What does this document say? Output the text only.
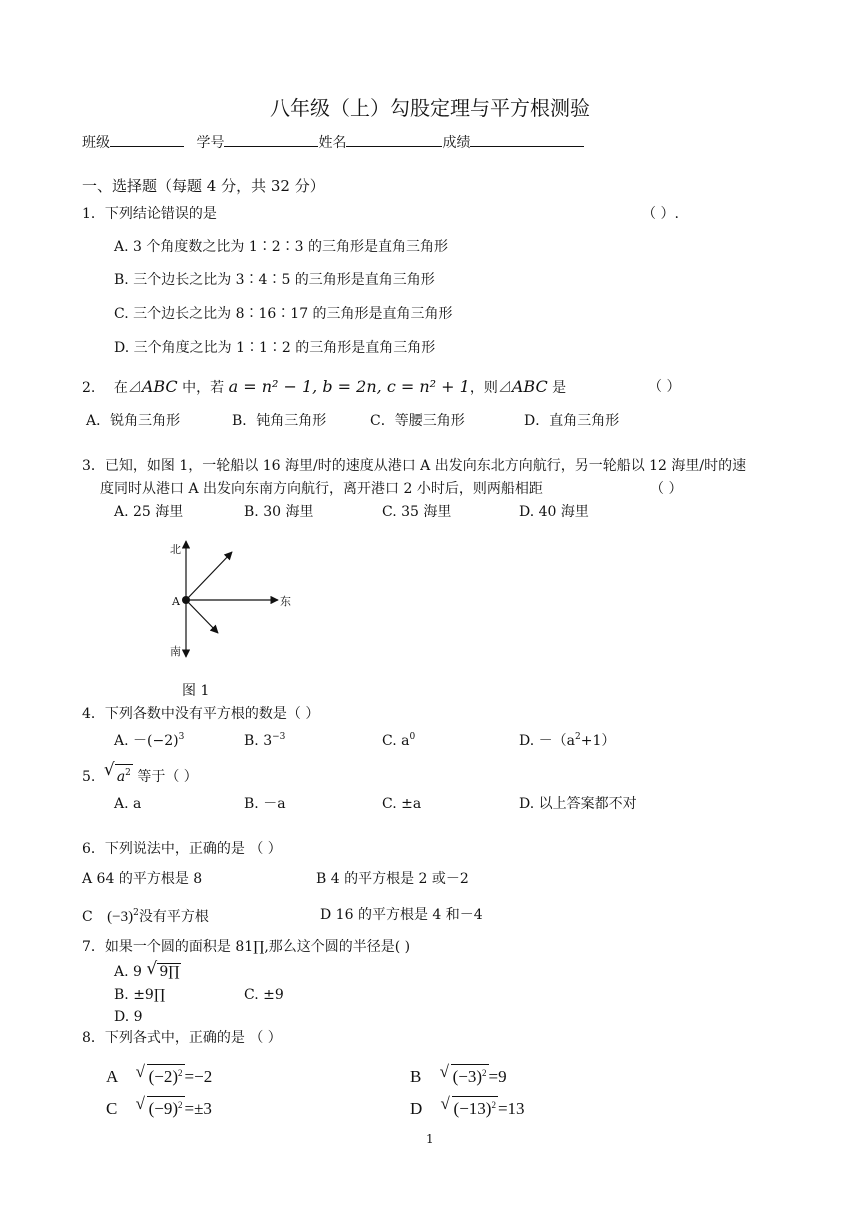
八年级（上）勾股定理与平方根测验
班级	学号	姓名	成绩
一、选择题（每题 4 分，共 32 分）
1．下列结论错误的是	（ ）.
A. 3 个角度数之比为 1∶2∶3 的三角形是直角三角形
B. 三个边长之比为 3∶4∶5 的三角形是直角三角形
C. 三个边长之比为 8∶16∶17 的三角形是直角三角形
D. 三个角度之比为 1∶1∶2 的三角形是直角三角形
2. 在⊿ABC 中，若 a = n² − 1, b = 2n, c = n² + 1，则⊿ABC 是	（ ）
A．锐角三角形	B．钝角三角形	C．等腰三角形	D．直角三角形
3．已知，如图 1，一轮船以 16 海里/时的速度从港口 A 出发向东北方向航行，另一轮船以 12 海里/时的速
度同时从港口 A 出发向东南方向航行，离开港口 2 小时后，则两船相距	（ ）
A. 25 海里	B. 30 海里	C. 35 海里	D. 40 海里
北
A	东
南
图 1
4．下列各数中没有平方根的数是（ ）
A. $-(-2)^3$	B. $3^{-3}$	C. $a^0$	D. $-(a^2+1)$
5. √ $a^2$ 等于（ ）
A. a	B. －a	C. ±a	D. 以上答案都不对
6．下列说法中，正确的是 （ ）
A 64 的平方根是 8	B 4 的平方根是 2 或－2
C $(-3)^2$没有平方根	D 16 的平方根是 4 和－4
7．如果一个圆的面积是 81∏,那么这个圆的半径是( )
A. 9 √ 9∏
B. ±9∏	C. ±9
D. 9
8．下列各式中，正确的是 （ ）
A √ $(-2)^2 =-2$	B √ $(-3)^2 =9$
C √ $(-9)^2 =\pm 3$	D √ $(-13)^2 =13$
1
